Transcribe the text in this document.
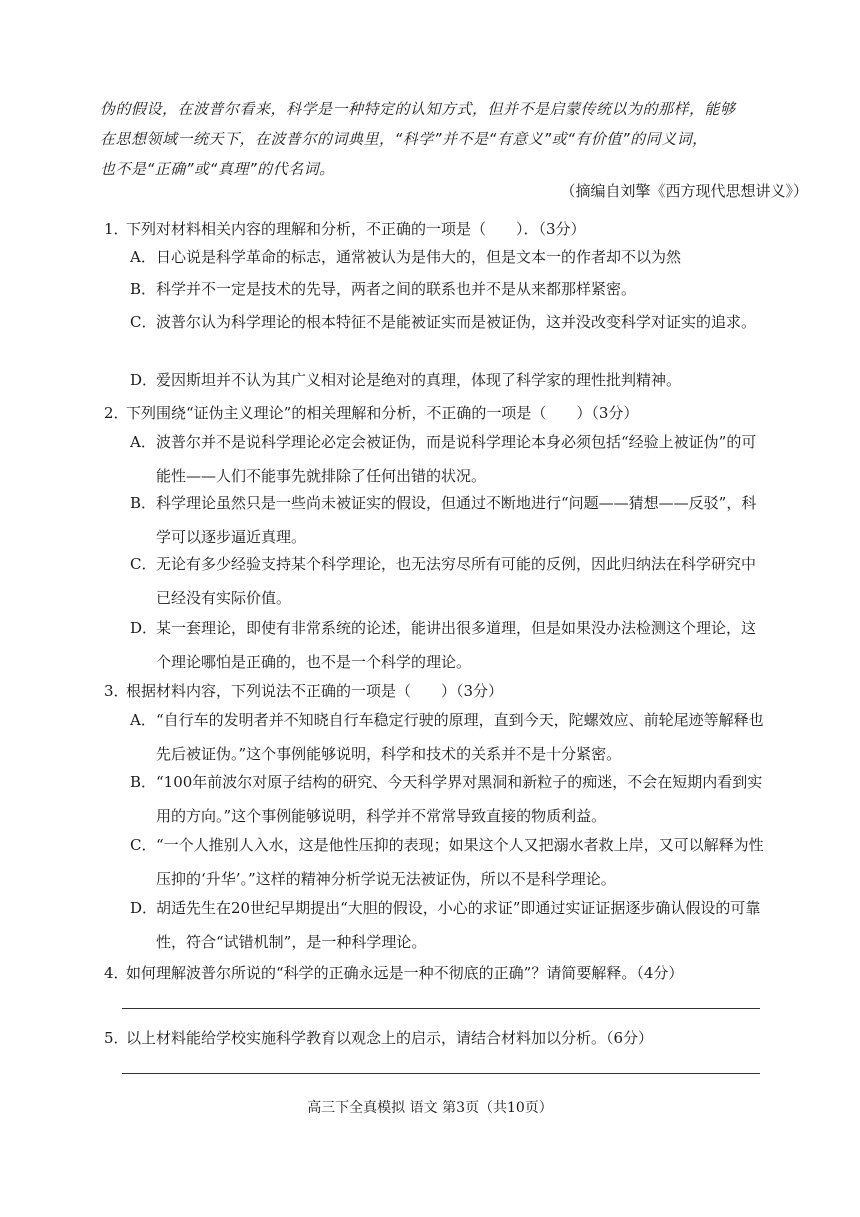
伪的假设，在波普尔看来，科学是一种特定的认知方式，但并不是启蒙传统以为的那样，能够
在思想领域一统天下，在波普尔的词典里，“科学”并不是“有意义”或“有价值”的同义词，
也不是“正确”或“真理”的代名词。
（摘编自刘擎《西方现代思想讲义》）
1．下列对材料相关内容的理解和分析，不正确的一项是（　　）．（3分）
A． 日心说是科学革命的标志，通常被认为是伟大的，但是文本一的作者却不以为然
B． 科学并不一定是技术的先导，两者之间的联系也并不是从来都那样紧密。
C． 波普尔认为科学理论的根本特征不是能被证实而是被证伪，这并没改变科学对证实的追求。
D．
爱因斯坦并不认为其广义相对论是绝对的真理，体现了科学家的理性批判精神。
2．下列围绕“证伪主义理论”的相关理解和分析，不正确的一项是（　　）（3分）
A． 波普尔并不是说科学理论必定会被证伪，而是说科学理论本身必须包括“经验上被证伪”的可能性——人们不能事先就排除了任何出错的状况。
B． 科学理论虽然只是一些尚未被证实的假设，但通过不断地进行“问题——猜想——反驳”，科学可以逐步逼近真理。
C． 无论有多少经验支持某个科学理论，也无法穷尽所有可能的反例，因此归纳法在科学研究中已经没有实际价值。
D．
某一套理论，即使有非常系统的论述，能讲出很多道理，但是如果没办法检测这个理论，这个理论哪怕是正确的，也不是一个科学的理论。
3．根据材料内容，下列说法不正确的一项是（　　）（3分）
A． “自行车的发明者并不知晓自行车稳定行驶的原理，直到今天，陀螺效应、前轮尾迹等解释也先后被证伪。”这个事例能够说明，科学和技术的关系并不是十分紧密。
B． “100年前波尔对原子结构的研究、今天科学界对黑洞和新粒子的痴迷，不会在短期内看到实用的方向。”这个事例能够说明，科学并不常常导致直接的物质利益。
C． “一个人推别人入水，这是他性压抑的表现；如果这个人又把溺水者救上岸，又可以解释为性压抑的‘升华’。”这样的精神分析学说无法被证伪，所以不是科学理论。
D．
胡适先生在20世纪早期提出“大胆的假设，小心的求证”即通过实证证据逐步确认假设的可靠性，符合“试错机制”，是一种科学理论。
4．如何理解波普尔所说的“科学的正确永远是一种不彻底的正确”？请简要解释。（4分）
5．以上材料能给学校实施科学教育以观念上的启示，请结合材料加以分析。（6分）
高三下全真模拟 语文 第3页（共10页）
